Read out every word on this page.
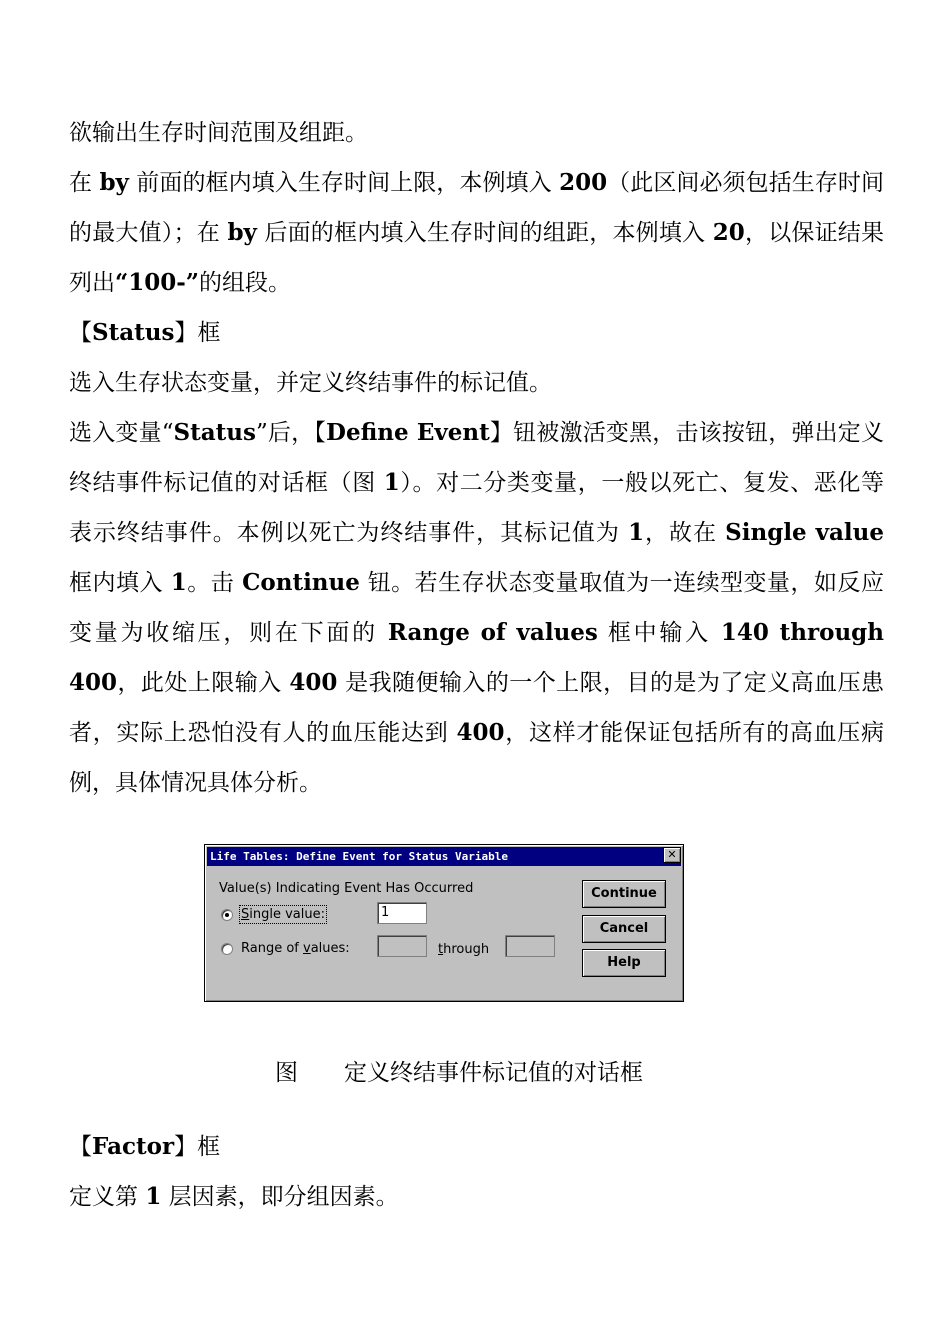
欲输出生存时间范围及组距。

在 by 前面的框内填入生存时间上限，本例填入 200（此区间必须包括生存时间的最大值）；在 by 后面的框内填入生存时间的组距，本例填入 20，以保证结果列出“100-”的组段。

【Status】框

选入生存状态变量，并定义终结事件的标记值。

选入变量“Status”后，【Define Event】钮被激活变黑，击该按钮，弹出定义终结事件标记值的对话框（图 1）。对二分类变量，一般以死亡、复发、恶化等表示终结事件。本例以死亡为终结事件，其标记值为 1，故在 Single value 框内填入 1。击 Continue 钮。若生存状态变量取值为一连续型变量，如反应变量为收缩压，则在下面的 Range of values 框中输入 140 through 400，此处上限输入 400 是我随便输入的一个上限，目的是为了定义高血压患者，实际上恐怕没有人的血压能达到 400，这样才能保证包括所有的高血压病例，具体情况具体分析。

Life Tables: Define Event for Status Variable	✕
Value(s) Indicating Event Has Occurred
Single value:	1
Range of values:	through
Continue
Cancel
Help
图 定义终结事件标记值的对话框

【Factor】框

定义第 1 层因素，即分组因素。
